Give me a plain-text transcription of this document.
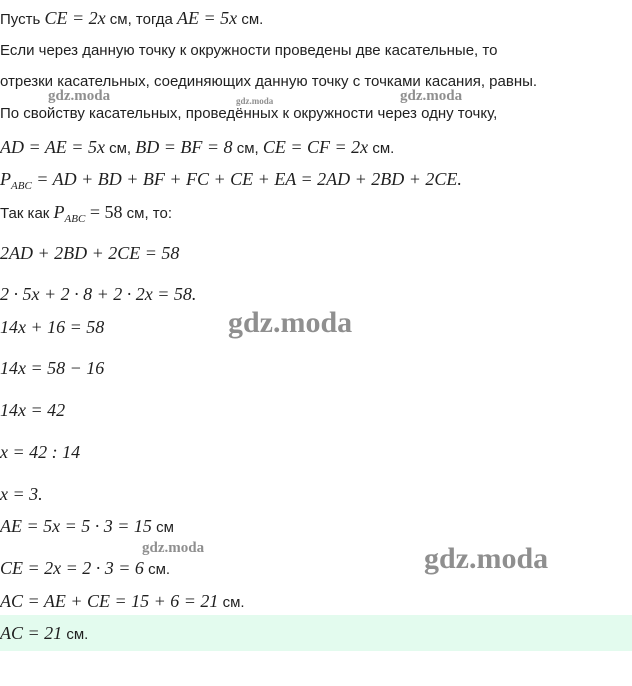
Пусть CE = 2x см, тогда AE = 5x см.
Если через данную точку к окружности проведены две касательные, то
отрезки касательных, соединяющих данную точку с точками касания, равны.
По свойству касательных, проведённых к окружности через одну точку,
AD = AE = 5x см, BD = BF = 8 см, CE = CF = 2x см.
$P_{ABC}$ = AD + BD + BF + FC + CE + EA = 2AD + 2BD + 2CE.
Так как $P_{ABC} = 58$ см, то:
2AD + 2BD + 2CE = 58
2 · 5x + 2 · 8 + 2 · 2x = 58.
14x + 16 = 58
14x = 58 − 16
14x = 42
x = 42 : 14
x = 3.
AE = 5x = 5 · 3 = 15 см
CE = 2x = 2 · 3 = 6 см.
AC = AE + CE = 15 + 6 = 21 см.
AC = 21 см.
gdz.moda	gdz.moda	gdz.moda
gdz.moda
gdz.moda	gdz.moda
